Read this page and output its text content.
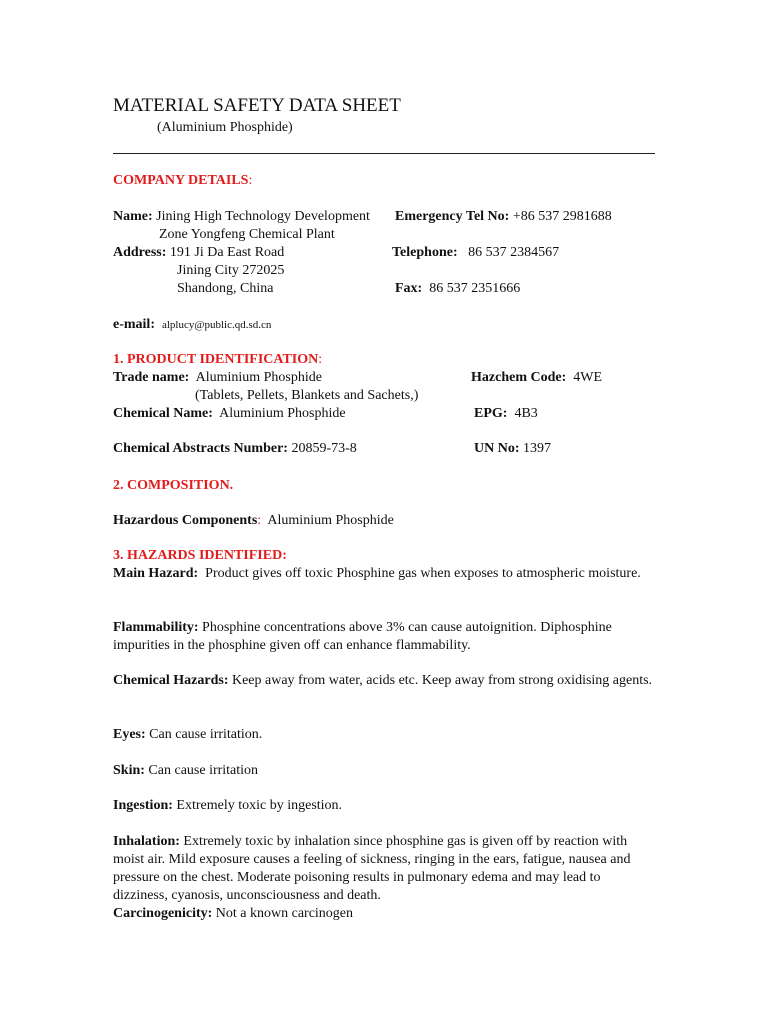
MATERIAL SAFETY DATA SHEET
(Aluminium Phosphide)
COMPANY DETAILS:
Name: Jining High Technology Development
Zone Yongfeng Chemical Plant
Emergency Tel No: +86 537 2981688
Address: 191 Ji Da East Road
Jining City 272025
Shandong, China
Telephone: 86 537 2384567
Fax: 86 537 2351666
e-mail: alplucy@public.qd.sd.cn
1. PRODUCT IDENTIFICATION:
Trade name: Aluminium Phosphide
(Tablets, Pellets, Blankets and Sachets,)
Hazchem Code: 4WE
Chemical Name: Aluminium Phosphide	EPG: 4B3
Chemical Abstracts Number: 20859-73-8	UN No: 1397
2. COMPOSITION.
Hazardous Components: Aluminium Phosphide
3. HAZARDS IDENTIFIED:
Main Hazard: Product gives off toxic Phosphine gas when exposes to atmospheric moisture.
Flammability: Phosphine concentrations above 3% can cause autoignition. Diphosphine impurities in the phosphine given off can enhance flammability.
Chemical Hazards: Keep away from water, acids etc. Keep away from strong oxidising agents.
Eyes: Can cause irritation.
Skin: Can cause irritation
Ingestion: Extremely toxic by ingestion.
Inhalation: Extremely toxic by inhalation since phosphine gas is given off by reaction with moist air. Mild exposure causes a feeling of sickness, ringing in the ears, fatigue, nausea and pressure on the chest. Moderate poisoning results in pulmonary edema and may lead to dizziness, cyanosis, unconsciousness and death.
Carcinogenicity: Not a known carcinogen
